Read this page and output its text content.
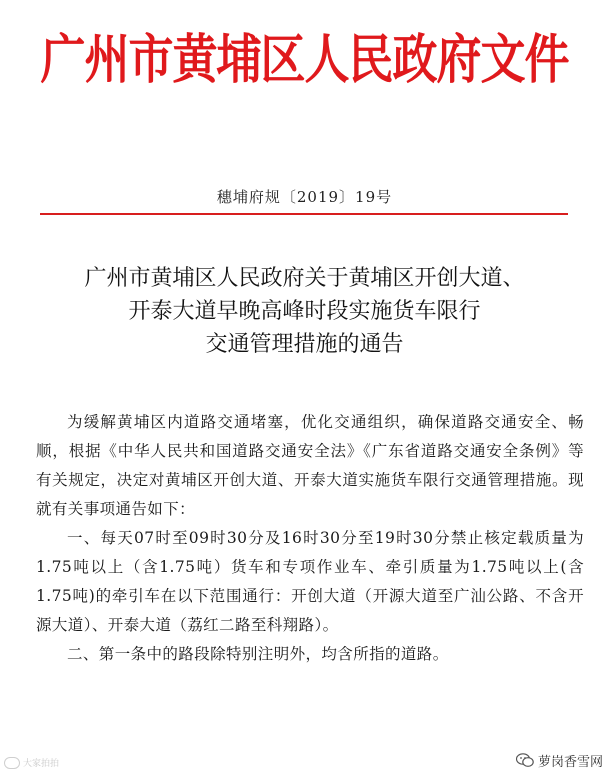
广州市黄埔区人民政府文件
穗埔府规〔2019〕19号
广州市黄埔区人民政府关于黄埔区开创大道、
开泰大道早晚高峰时段实施货车限行
交通管理措施的通告

为缓解黄埔区内道路交通堵塞，优化交通组织，确保道路交通安全、畅顺，根据《中华人民共和国道路交通安全法》《广东省道路交通安全条例》等有关规定，决定对黄埔区开创大道、开泰大道实施货车限行交通管理措施。现就有关事项通告如下：

一、每天07时至09时30分及16时30分至19时30分禁止核定载质量为1.75吨以上（含1.75吨）货车和专项作业车、牵引质量为1.75吨以上(含1.75吨)的牵引车在以下范围通行：开创大道（开源大道至广汕公路、不含开源大道）、开泰大道（荔红二路至科翔路）。

二、第一条中的路段除特别注明外，均含所指的道路。

大家拍拍	萝岗香雪网
